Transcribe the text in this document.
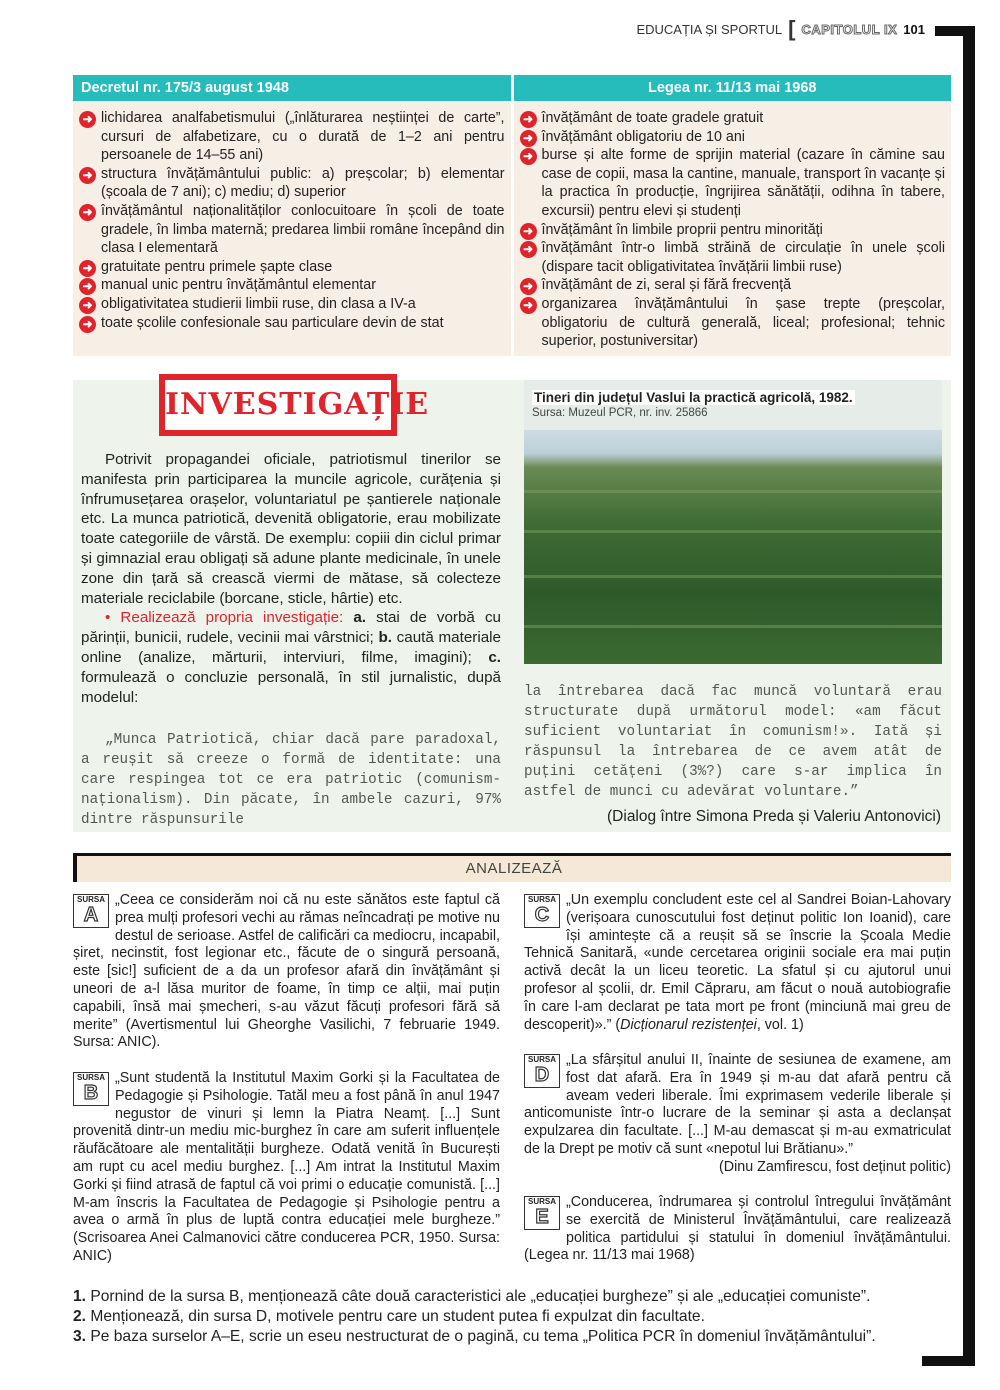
EDUCAȚIA ȘI SPORTUL [ CAPITOLUL IX 101
Decretul nr. 175/3 august 1948
➜ lichidarea analfabetismului („înlăturarea neștiinței de carte”, cursuri de alfabetizare, cu o durată de 1–2 ani pentru persoanele de 14–55 ani)
➜ structura învățământului public: a) preșcolar; b) elementar (școala de 7 ani); c) mediu; d) superior
➜ învățământul naționalităților conlocuitoare în școli de toate gradele, în limba maternă; predarea limbii române începând din clasa I elementară
➜ gratuitate pentru primele șapte clase
➜ manual unic pentru învățământul elementar
➜ obligativitatea studierii limbii ruse, din clasa a IV-a
➜ toate școlile confesionale sau particulare devin de stat
Legea nr. 11/13 mai 1968
➜ învățământ de toate gradele gratuit
➜ învățământ obligatoriu de 10 ani
➜ burse și alte forme de sprijin material (cazare în cămine sau case de copii, masa la cantine, manuale, transport în vacanțe și la practica în producție, îngrijirea sănătății, odihna în tabere, excursii) pentru elevi și studenți
➜ învățământ în limbile proprii pentru minorități
➜ învățământ într-o limbă străină de circulație în unele școli (dispare tacit obligativitatea învățării limbii ruse)
➜ învățământ de zi, seral și fără frecvență
➜ organizarea învățământului în șase trepte (preșcolar, obligatoriu de cultură generală, liceal; profesional; tehnic superior, postuniversitar)
INVESTIGAȚIE

Potrivit propagandei oficiale, patriotismul tinerilor se manifesta prin participarea la muncile agricole, curățenia și înfrumusețarea orașelor, voluntariatul pe șantierele naționale etc. La munca patriotică, devenită obligatorie, erau mobilizate toate categoriile de vârstă. De exemplu: copiii din ciclul primar și gimnazial erau obligați să adune plante medicinale, în unele zone din țară să crească viermi de mătase, să colecteze materiale reciclabile (borcane, sticle, hârtie) etc.

• Realizează propria investigație: a. stai de vorbă cu părinții, bunicii, rudele, vecinii mai vârstnici; b. caută materiale online (analize, mărturii, interviuri, filme, imagini); c. formulează o concluzie personală, în stil jurnalistic, după modelul:

„Munca Patriotică, chiar dacă pare paradoxal, a reușit să creeze o formă de identitate: una care respingea tot ce era patriotic (comunism-naționalism). Din păcate, în ambele cazuri, 97% dintre răspunsurile
Tineri din județul Vaslui la practică agricolă, 1982.
Sursa: Muzeul PCR, nr. inv. 25866
la întrebarea dacă fac muncă voluntară erau structurate după următorul model: «am făcut suficient voluntariat în comunism!». Iată și răspunsul la întrebarea de ce avem atât de puțini cetățeni (3%?) care s-ar implica în astfel de munci cu adevărat voluntare.”
(Dialog între Simona Preda și Valeriu Antonovici)
ANALIZEAZĂ
SURSA
A
„Ceea ce considerăm noi că nu este sănătos este faptul că prea mulți profesori vechi au rămas neîncadrați pe motive nu destul de serioase. Astfel de calificări ca mediocru, incapabil, șiret, necinstit, fost legionar etc., făcute de o singură persoană, este [sic!] suficient de a da un profesor afară din învățământ și uneori de a-l lăsa muritor de foame, în timp ce alții, mai puțin capabili, însă mai șmecheri, s-au văzut făcuți profesori fără să merite” (Avertismentul lui Gheorghe Vasilichi, 7 februarie 1949. Sursa: ANIC).
SURSA
B
„Sunt studentă la Institutul Maxim Gorki și la Facultatea de Pedagogie și Psihologie. Tatăl meu a fost până în anul 1947 negustor de vinuri și lemn la Piatra Neamț. [...] Sunt provenită dintr-un mediu mic-burghez în care am suferit influențele răufăcătoare ale mentalității burgheze. Odată venită în București am rupt cu acel mediu burghez. [...] Am intrat la Institutul Maxim Gorki și fiind atrasă de faptul că voi primi o educație comunistă. [...] M-am înscris la Facultatea de Pedagogie și Psihologie pentru a avea o armă în plus de luptă contra educației mele burgheze.” (Scrisoarea Anei Calmanovici către conducerea PCR, 1950. Sursa: ANIC)
SURSA
C
„Un exemplu concludent este cel al Sandrei Boian-Lahovary (verișoara cunoscutului fost deținut politic Ion Ioanid), care își amintește că a reușit să se înscrie la Școala Medie Tehnică Sanitară, «unde cercetarea originii sociale era mai puțin activă decât la un liceu teoretic. La sfatul și cu ajutorul unui profesor al școlii, dr. Emil Căpraru, am făcut o nouă autobiografie în care l-am declarat pe tata mort pe front (minciună mai greu de descoperit)».” (Dicționarul rezistenței, vol. 1)
SURSA
D
„La sfârșitul anului II, înainte de sesiunea de examene, am fost dat afară. Era în 1949 și m-au dat afară pentru că aveam vederi liberale. Îmi exprimasem vederile liberale și anticomuniste într-o lucrare de la seminar și asta a declanșat expulzarea din facultate. [...] M-au demascat și m-au exmatriculat de la Drept pe motiv că sunt «nepotul lui Brătianu».”
(Dinu Zamfirescu, fost deținut politic)
SURSA
E
„Conducerea, îndrumarea și controlul întregului învățământ se exercită de Ministerul Învățământului, care realizează politica partidului și statului în domeniul învățământului. (Legea nr. 11/13 mai 1968)
1. Pornind de la sursa B, menționează câte două caracteristici ale „educației burgheze” și ale „educației comuniste”.
2. Menționează, din sursa D, motivele pentru care un student putea fi expulzat din facultate.
3. Pe baza surselor A–E, scrie un eseu nestructurat de o pagină, cu tema „Politica PCR în domeniul învățământului”.
